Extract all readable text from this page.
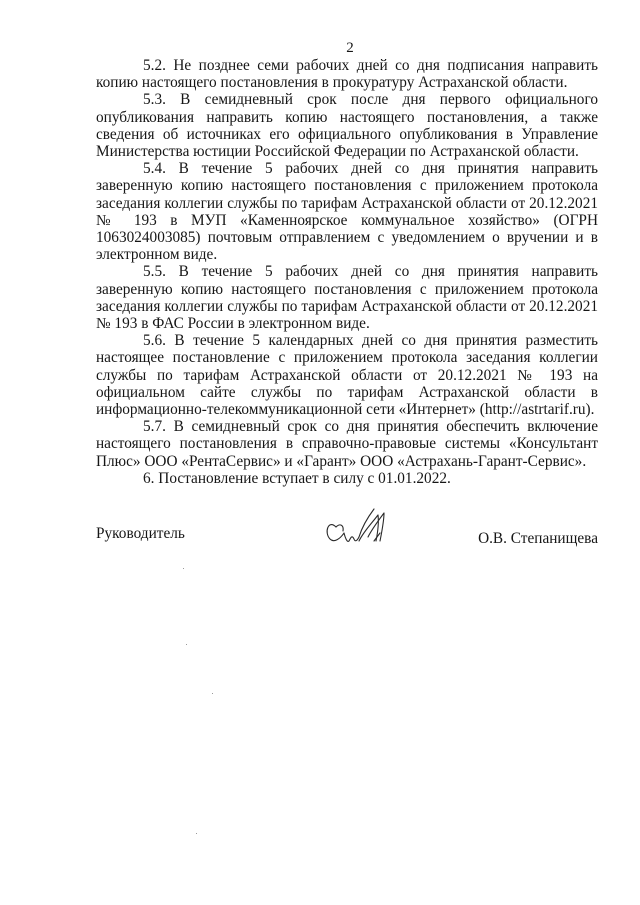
2

5.2. Не позднее семи рабочих дней со дня подписания направить копию настоящего постановления в прокуратуру Астраханской области.

5.3. В семидневный срок после дня первого официального опубликования направить копию настоящего постановления, а также сведения об источниках его официального опубликования в Управление Министерства юстиции Российской Федерации по Астраханской области.

5.4. В течение 5 рабочих дней со дня принятия направить заверенную копию настоящего постановления с приложением протокола заседания коллегии службы по тарифам Астраханской области от 20.12.2021 № 193 в МУП «Каменноярское коммунальное хозяйство» (ОГРН 1063024003085) почтовым отправлением с уведомлением о вручении и в электронном виде.

5.5. В течение 5 рабочих дней со дня принятия направить заверенную копию настоящего постановления с приложением протокола заседания коллегии службы по тарифам Астраханской области от 20.12.2021 № 193 в ФАС России в электронном виде.

5.6. В течение 5 календарных дней со дня принятия разместить настоящее постановление с приложением протокола заседания коллегии службы по тарифам Астраханской области от 20.12.2021 № 193 на официальном сайте службы по тарифам Астраханской области в информационно-телекоммуникационной сети «Интернет» (http://astrtarif.ru).

5.7. В семидневный срок со дня принятия обеспечить включение настоящего постановления в справочно-правовые системы «Консультант Плюс» ООО «РентаСервис» и «Гарант» ООО «Астрахань-Гарант-Сервис».

6. Постановление вступает в силу с 01.01.2022.

Руководитель	О.В. Степанищева
